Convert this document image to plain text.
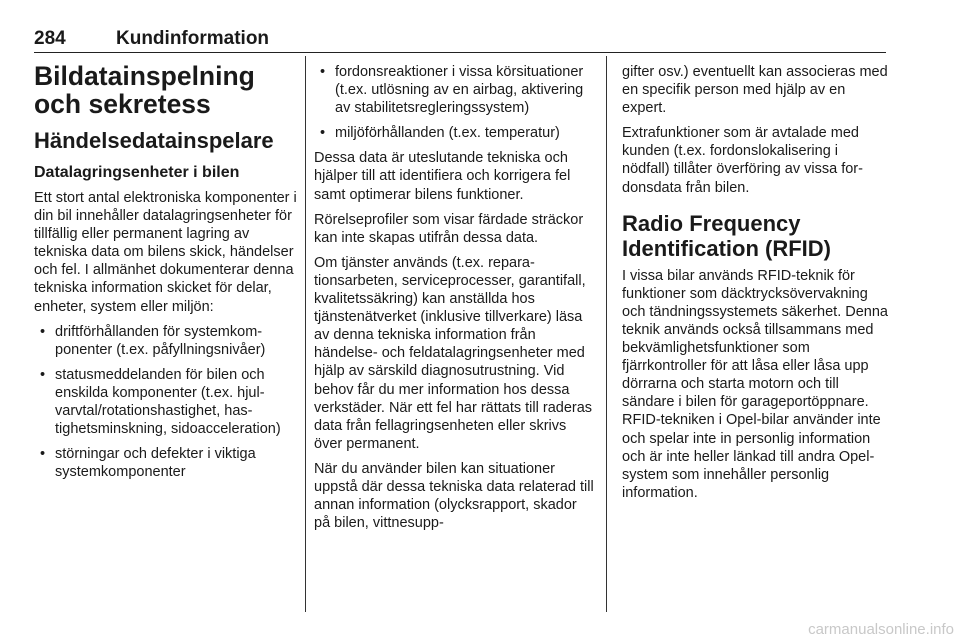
284	Kundinformation
Bildatainspelning och sekretess
Händelsedatainspelare
Datalagringsenheter i bilen

Ett stort antal elektroniska komponenter i din bil innehåller datalagringsenheter för tillfällig eller permanent lagring av tekniska data om bilens skick, händelser och fel. I allmänhet dokumenterar denna tekniska information skicket för delar, enheter, system eller miljön:

• driftförhållanden för systemkomponenter (t.ex. påfyllningsnivåer)
• statusmeddelanden för bilen och enskilda komponenter (t.ex. hjulvarvtal/rotationshastighet, hastighetsminskning, sidoacceleration)
• störningar och defekter i viktiga systemkomponenter
• fordonsreaktioner i vissa körsituationer (t.ex. utlösning av en airbag, aktivering av stabilitetsregleringssystem)
• miljöförhållanden (t.ex. temperatur)

Dessa data är uteslutande tekniska och hjälper till att identifiera och korrigera fel samt optimerar bilens funktioner.

Rörelseprofiler som visar färdade sträckor kan inte skapas utifrån dessa data.

Om tjänster används (t.ex. reparationsarbeten, serviceprocesser, garantifall, kvalitetssäkring) kan anställda hos tjänstenätverket (inklusive tillverkare) läsa av denna tekniska information från händelse- och feldatalagringsenheter med hjälp av särskild diagnosutrustning. Vid behov får du mer information hos dessa verkstäder. När ett fel har rättats till raderas data från fellagringsenheten eller skrivs över permanent.

När du använder bilen kan situationer uppstå där dessa tekniska data relaterad till annan information (olycksrapport, skador på bilen, vittnesupp-

gifter osv.) eventuellt kan associeras med en specifik person med hjälp av en expert.

Extrafunktioner som är avtalade med kunden (t.ex. fordonslokalisering i nödfall) tillåter överföring av vissa fordonsdata från bilen.

Radio Frequency Identification (RFID)

I vissa bilar används RFID-teknik för funktioner som däcktrycksövervakning och tändningssystemets säkerhet. Denna teknik används också tillsammans med bekvämlighetsfunktioner som fjärrkontroller för att låsa eller låsa upp dörrarna och starta motorn och till sändare i bilen för garageportöppnare. RFID-tekniken i Opel-bilar använder inte och spelar inte in personlig information och är inte heller länkad till andra Opel-system som innehåller personlig information.

carmanualsonline.info
